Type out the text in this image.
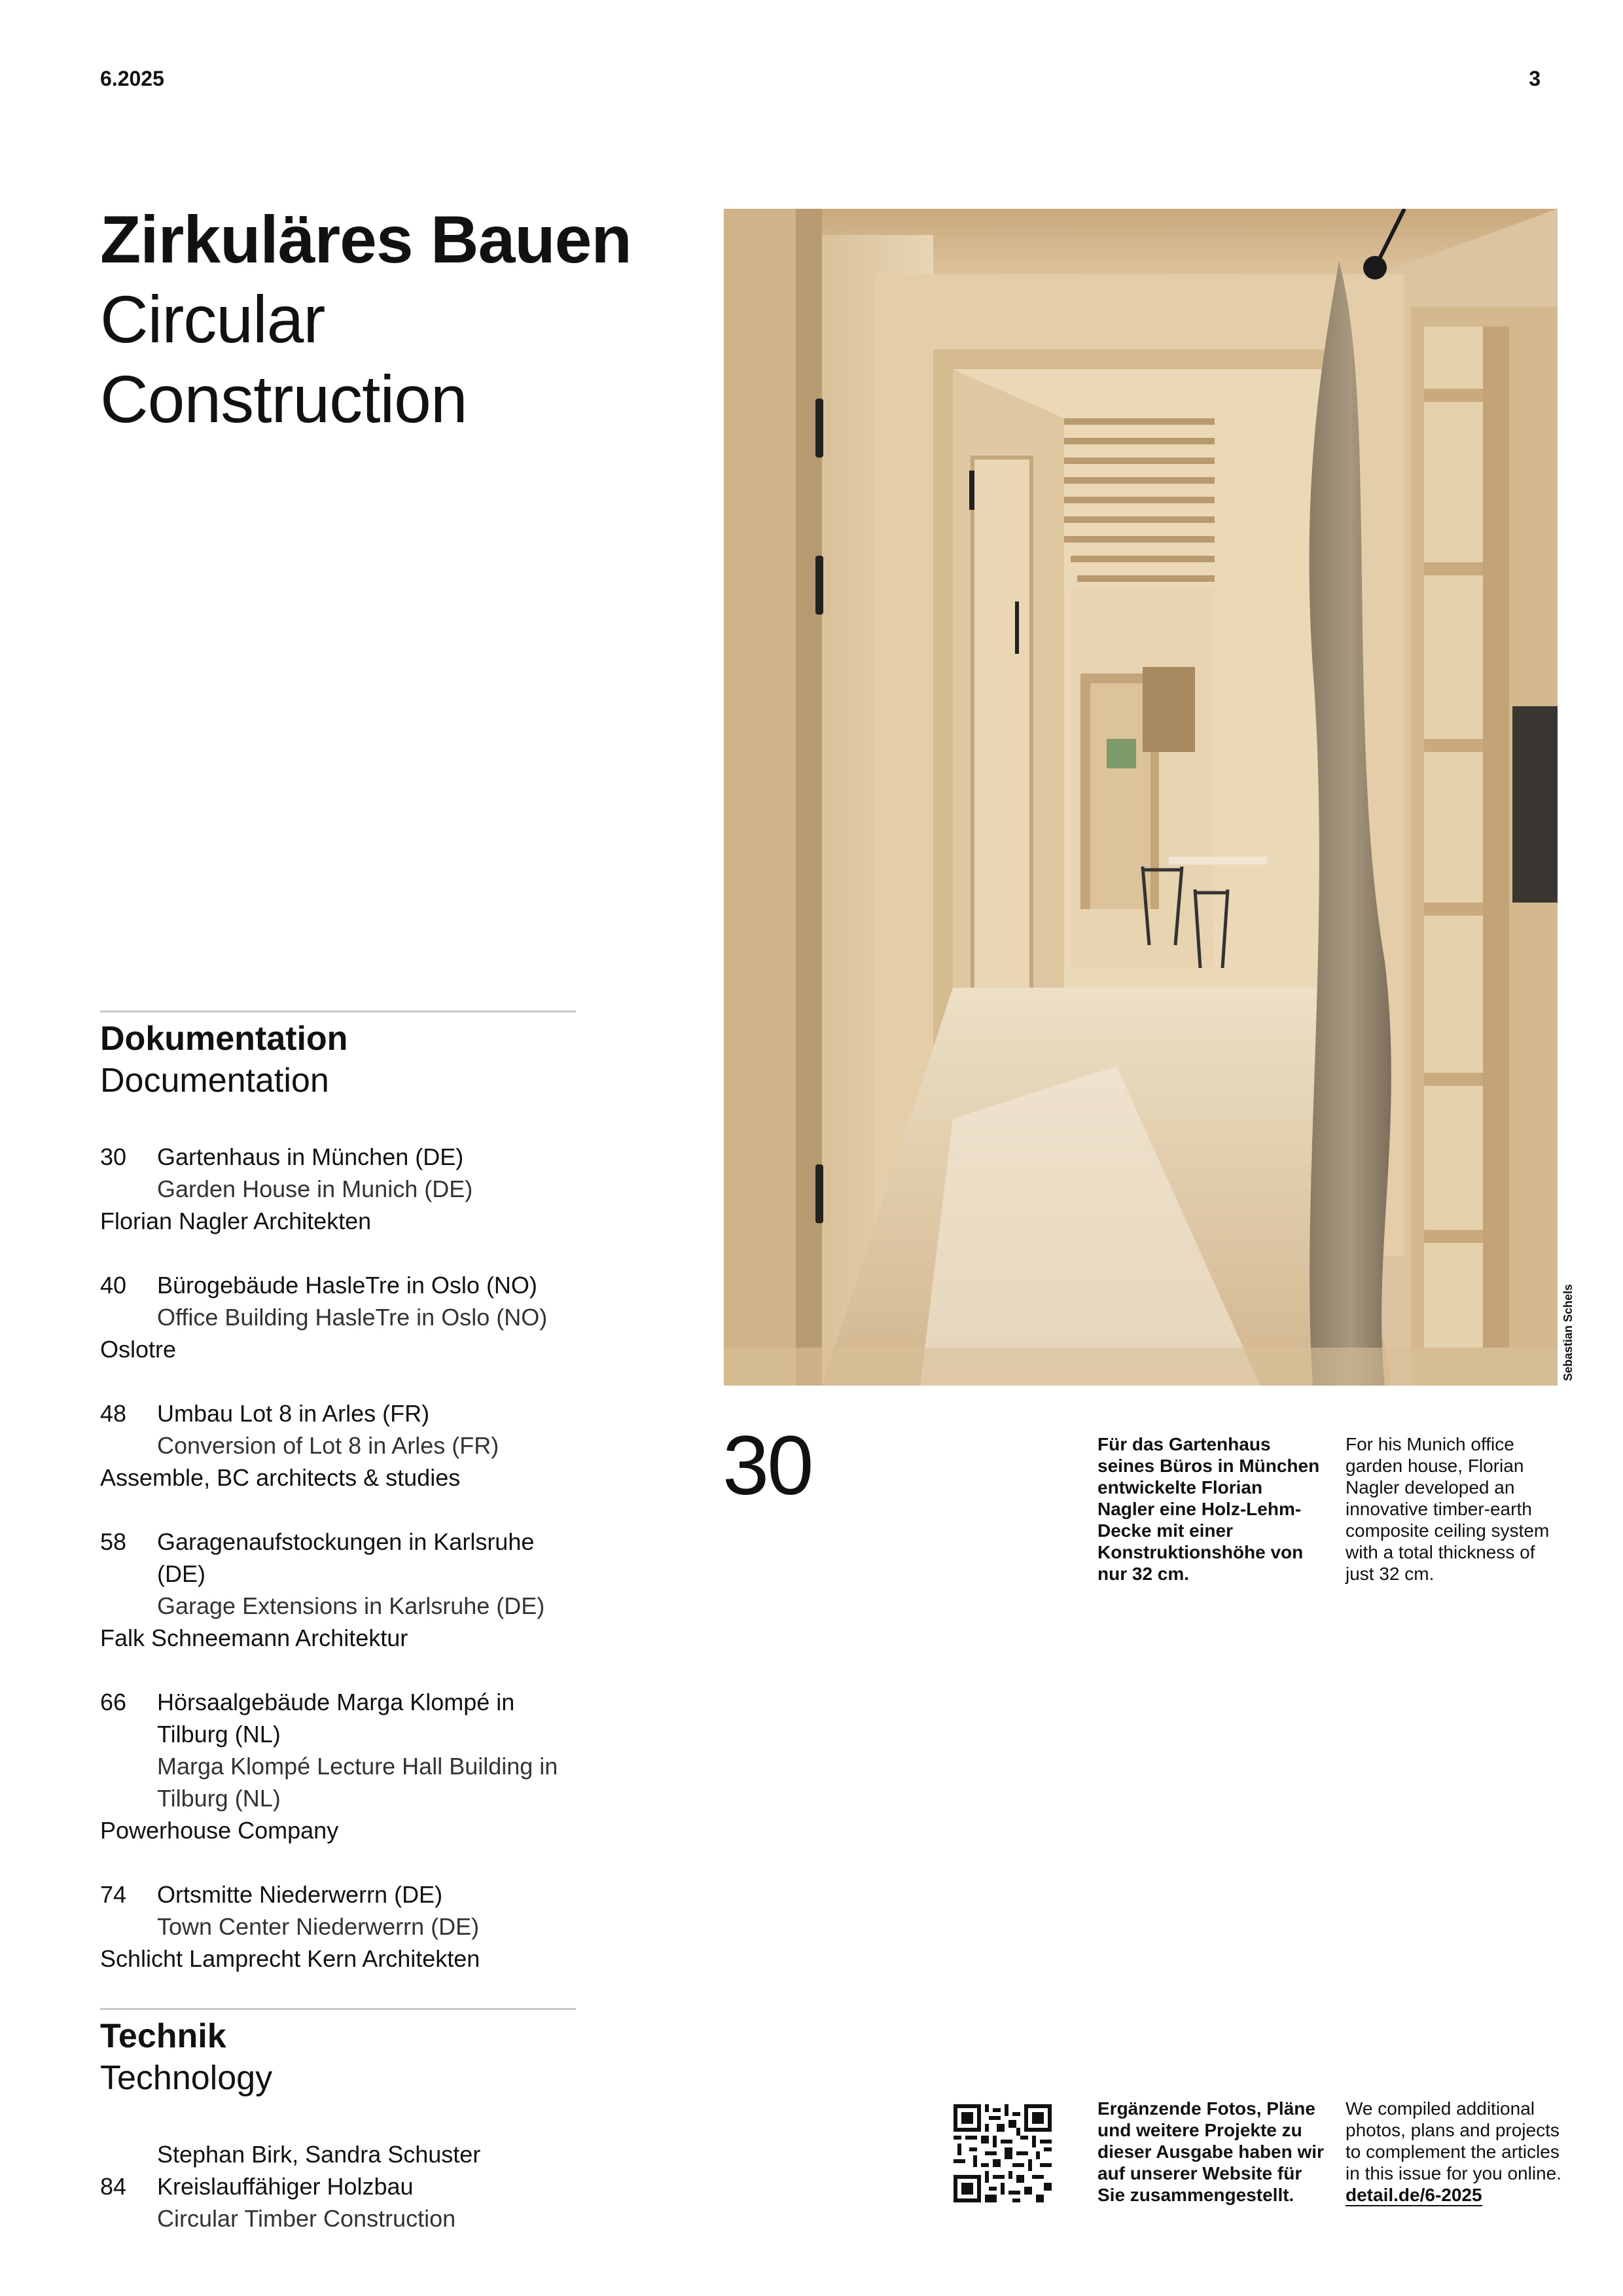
6.2025	3
Zirkuläres Bauen
Circular
Construction
Dokumentation
Documentation
30	Gartenhaus in München (DE)
Garden House in Munich (DE)
Florian Nagler Architekten
40	Bürogebäude HasleTre in Oslo (NO)
Office Building HasleTre in Oslo (NO)
Oslotre
48	Umbau Lot 8 in Arles (FR)
Conversion of Lot 8 in Arles (FR)
Assemble, BC architects & studies
58	Garagenaufstockungen in Karlsruhe (DE)
Garage Extensions in Karlsruhe (DE)
Falk Schneemann Architektur
66	Hörsaalgebäude Marga Klompé in Tilburg (NL)
Marga Klompé Lecture Hall Building in Tilburg (NL)
Powerhouse Company
74	Ortsmitte Niederwerrn (DE)
Town Center Niederwerrn (DE)
Schlicht Lamprecht Kern Architekten
Technik
Technology
Stephan Birk, Sandra Schuster
84	Kreislauffähiger Holzbau
Circular Timber Construction
Sebastian Schels
30	Für das Gartenhaus seines Büros in München entwickelte Florian Nagler eine Holz-Lehm-Decke mit einer Konstruktionshöhe von nur 32 cm.
For his Munich office garden house, Florian Nagler developed an innovative timber-earth composite ceiling system with a total thickness of just 32 cm.
Ergänzende Fotos, Pläne und weitere Projekte zu dieser Ausgabe haben wir auf unserer Website für Sie zusammengestellt.
We compiled additional photos, plans and projects to complement the articles in this issue for you online.
detail.de/6-2025
